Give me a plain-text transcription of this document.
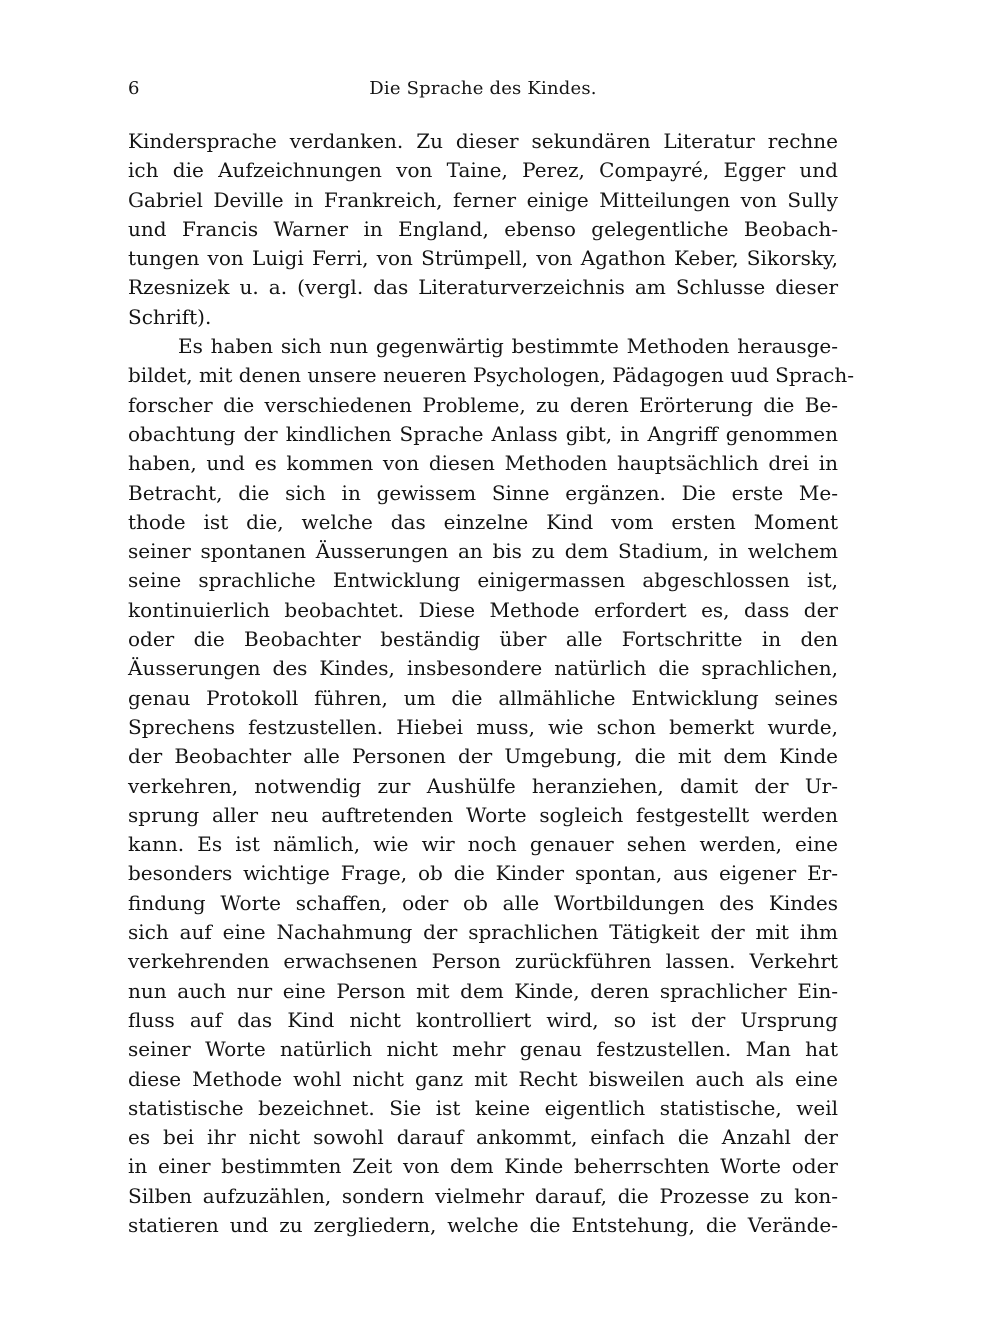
6	Die Sprache des Kindes.
Kindersprache verdanken. Zu dieser sekundären Literatur rechne
ich die Aufzeichnungen von Taine, Perez, Compayré, Egger und
Gabriel Deville in Frankreich, ferner einige Mitteilungen von Sully
und Francis Warner in England, ebenso gelegentliche Beobach-
tungen von Luigi Ferri, von Strümpell, von Agathon Keber, Sikorsky,
Rzesnizek u. a. (vergl. das Literaturverzeichnis am Schlusse dieser
Schrift).
Es haben sich nun gegenwärtig bestimmte Methoden herausge-
bildet, mit denen unsere neueren Psychologen, Pädagogen uud Sprach-
forscher die verschiedenen Probleme, zu deren Erörterung die Be-
obachtung der kindlichen Sprache Anlass gibt, in Angriff genommen
haben, und es kommen von diesen Methoden hauptsächlich drei in
Betracht, die sich in gewissem Sinne ergänzen. Die erste Me-
thode ist die, welche das einzelne Kind vom ersten Moment
seiner spontanen Äusserungen an bis zu dem Stadium, in welchem
seine sprachliche Entwicklung einigermassen abgeschlossen ist,
kontinuierlich beobachtet. Diese Methode erfordert es, dass der
oder die Beobachter beständig über alle Fortschritte in den
Äusserungen des Kindes, insbesondere natürlich die sprachlichen,
genau Protokoll führen, um die allmähliche Entwicklung seines
Sprechens festzustellen. Hiebei muss, wie schon bemerkt wurde,
der Beobachter alle Personen der Umgebung, die mit dem Kinde
verkehren, notwendig zur Aushülfe heranziehen, damit der Ur-
sprung aller neu auftretenden Worte sogleich festgestellt werden
kann. Es ist nämlich, wie wir noch genauer sehen werden, eine
besonders wichtige Frage, ob die Kinder spontan, aus eigener Er-
findung Worte schaffen, oder ob alle Wortbildungen des Kindes
sich auf eine Nachahmung der sprachlichen Tätigkeit der mit ihm
verkehrenden erwachsenen Person zurückführen lassen. Verkehrt
nun auch nur eine Person mit dem Kinde, deren sprachlicher Ein-
fluss auf das Kind nicht kontrolliert wird, so ist der Ursprung
seiner Worte natürlich nicht mehr genau festzustellen. Man hat
diese Methode wohl nicht ganz mit Recht bisweilen auch als eine
statistische bezeichnet. Sie ist keine eigentlich statistische, weil
es bei ihr nicht sowohl darauf ankommt, einfach die Anzahl der
in einer bestimmten Zeit von dem Kinde beherrschten Worte oder
Silben aufzuzählen, sondern vielmehr darauf, die Prozesse zu kon-
statieren und zu zergliedern, welche die Entstehung, die Verände-
